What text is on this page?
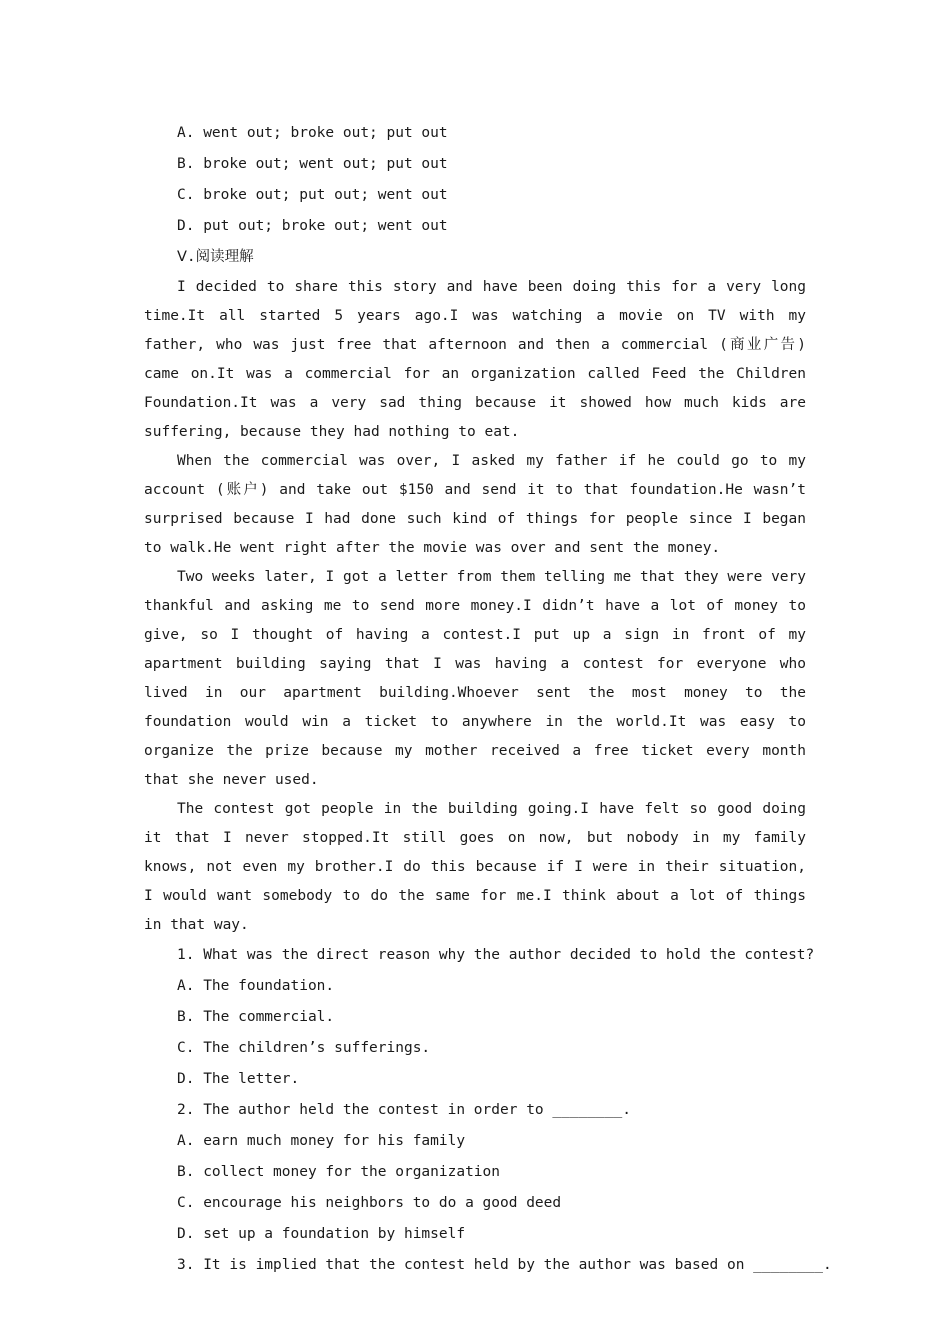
A. went out; broke out; put out
B. broke out; went out; put out
C. broke out; put out; went out
D. put out; broke out; went out
Ⅴ.阅读理解

I decided to share this story and have been doing this for a very long time.It all started 5 years ago.I was watching a movie on TV with my father, who was just free that afternoon and then a commercial (商业广告) came on.It was a commercial for an organization called Feed the Children Foundation.It was a very sad thing because it showed how much kids are suffering, because they had nothing to eat.

When the commercial was over, I asked my father if he could go to my account (账户) and take out $150 and send it to that foundation.He wasn’t surprised because I had done such kind of things for people since I began to walk.He went right after the movie was over and sent the money.

Two weeks later, I got a letter from them telling me that they were very thankful and asking me to send more money.I didn’t have a lot of money to give, so I thought of having a contest.I put up a sign in front of my apartment building saying that I was having a contest for everyone who lived in our apartment building.Whoever sent the most money to the foundation would win a ticket to anywhere in the world.It was easy to organize the prize because my mother received a free ticket every month that she never used.

The contest got people in the building going.I have felt so good doing it that I never stopped.It still goes on now, but nobody in my family knows, not even my brother.I do this because if I were in their situation, I would want somebody to do the same for me.I think about a lot of things in that way.

1. What was the direct reason why the author decided to hold the contest?
A. The foundation.
B. The commercial.
C. The children’s sufferings.
D. The letter.
2. The author held the contest in order to ________.
A. earn much money for his family
B. collect money for the organization
C. encourage his neighbors to do a good deed
D. set up a foundation by himself
3. It is implied that the contest held by the author was based on ________.
